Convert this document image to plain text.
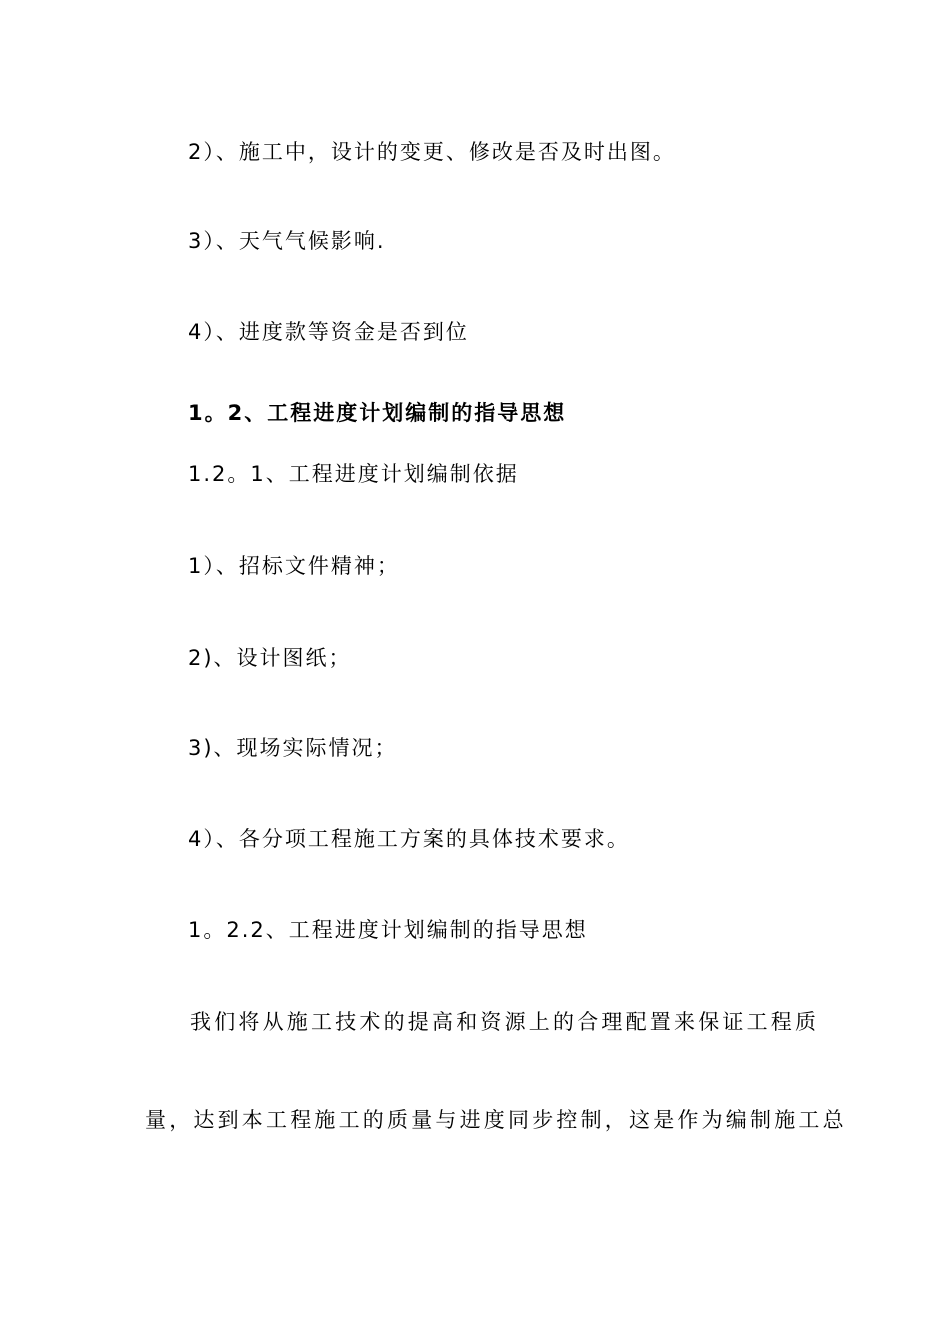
2）、施工中，设计的变更、修改是否及时出图。
3）、天气气候影响.
4）、进度款等资金是否到位
1。2、工程进度计划编制的指导思想
1.2。1、工程进度计划编制依据
1）、招标文件精神；
2)、设计图纸；
3)、现场实际情况；
4）、各分项工程施工方案的具体技术要求。
1。2.2、工程进度计划编制的指导思想
我们将从施工技术的提高和资源上的合理配置来保证工程质
量，达到本工程施工的质量与进度同步控制，这是作为编制施工总
